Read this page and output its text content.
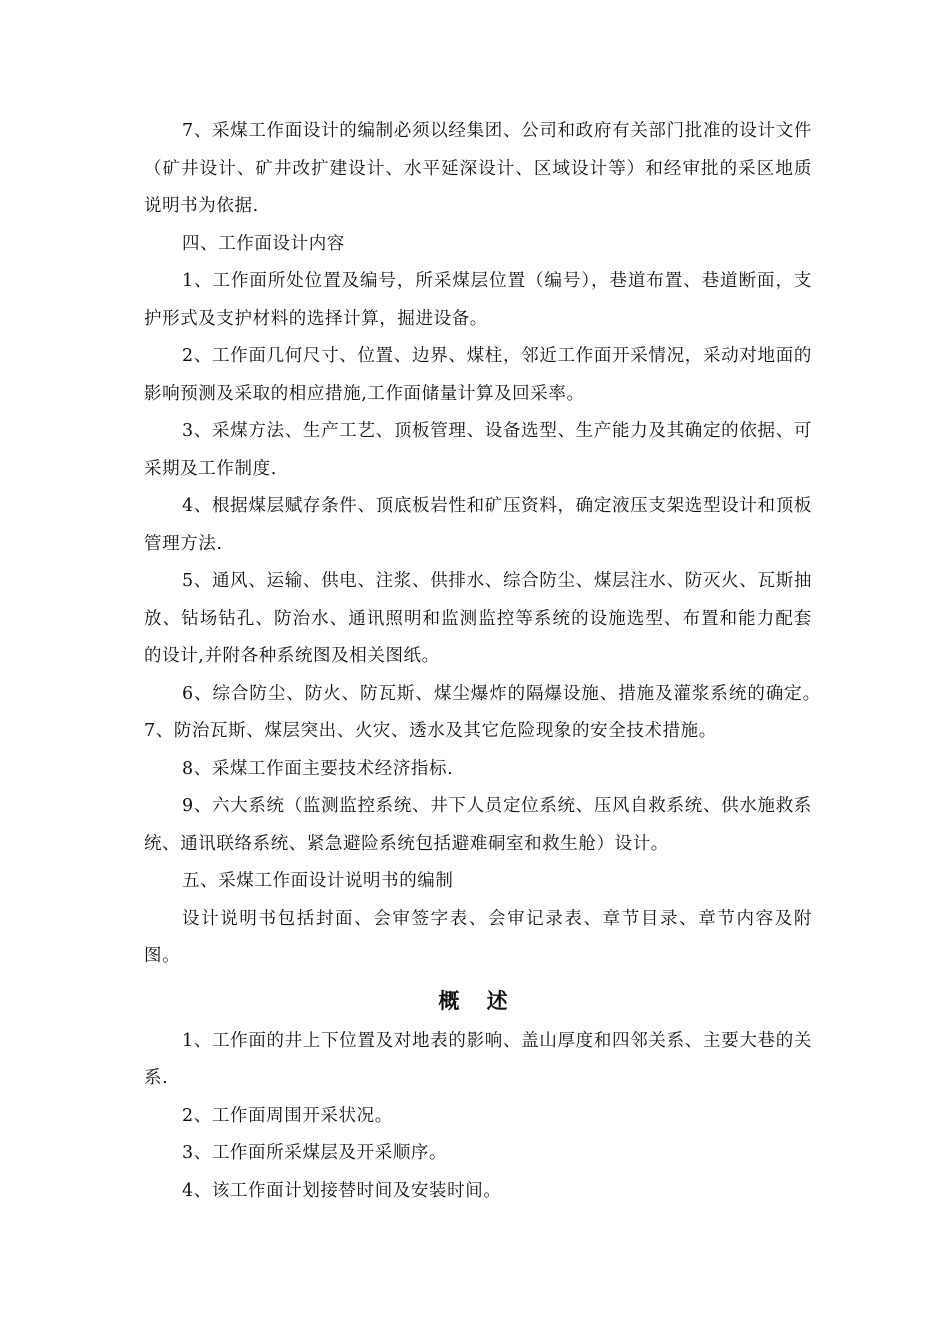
7、采煤工作面设计的编制必须以经集团、公司和政府有关部门批准的设计文件（矿井设计、矿井改扩建设计、水平延深设计、区域设计等）和经审批的采区地质说明书为依据.

四、工作面设计内容

1、工作面所处位置及编号，所采煤层位置（编号），巷道布置、巷道断面，支护形式及支护材料的选择计算，掘进设备。

2、工作面几何尺寸、位置、边界、煤柱，邻近工作面开采情况，采动对地面的影响预测及采取的相应措施,工作面储量计算及回采率。

3、采煤方法、生产工艺、顶板管理、设备选型、生产能力及其确定的依据、可采期及工作制度.

4、根据煤层赋存条件、顶底板岩性和矿压资料，确定液压支架选型设计和顶板管理方法.

5、通风、运输、供电、注浆、供排水、综合防尘、煤层注水、防灭火、瓦斯抽放、钻场钻孔、防治水、通讯照明和监测监控等系统的设施选型、布置和能力配套的设计,并附各种系统图及相关图纸。

6、综合防尘、防火、防瓦斯、煤尘爆炸的隔爆设施、措施及灌浆系统的确定。　7、防治瓦斯、煤层突出、火灾、透水及其它危险现象的安全技术措施。

8、采煤工作面主要技术经济指标.

9、六大系统（监测监控系统、井下人员定位系统、压风自救系统、供水施救系统、通讯联络系统、紧急避险系统包括避难硐室和救生舱）设计。

五、采煤工作面设计说明书的编制

设计说明书包括封面、会审签字表、会审记录表、章节目录、章节内容及附图。

概 述

1、工作面的井上下位置及对地表的影响、盖山厚度和四邻关系、主要大巷的关系.

2、工作面周围开采状况。

3、工作面所采煤层及开采顺序。

4、该工作面计划接替时间及安装时间。
